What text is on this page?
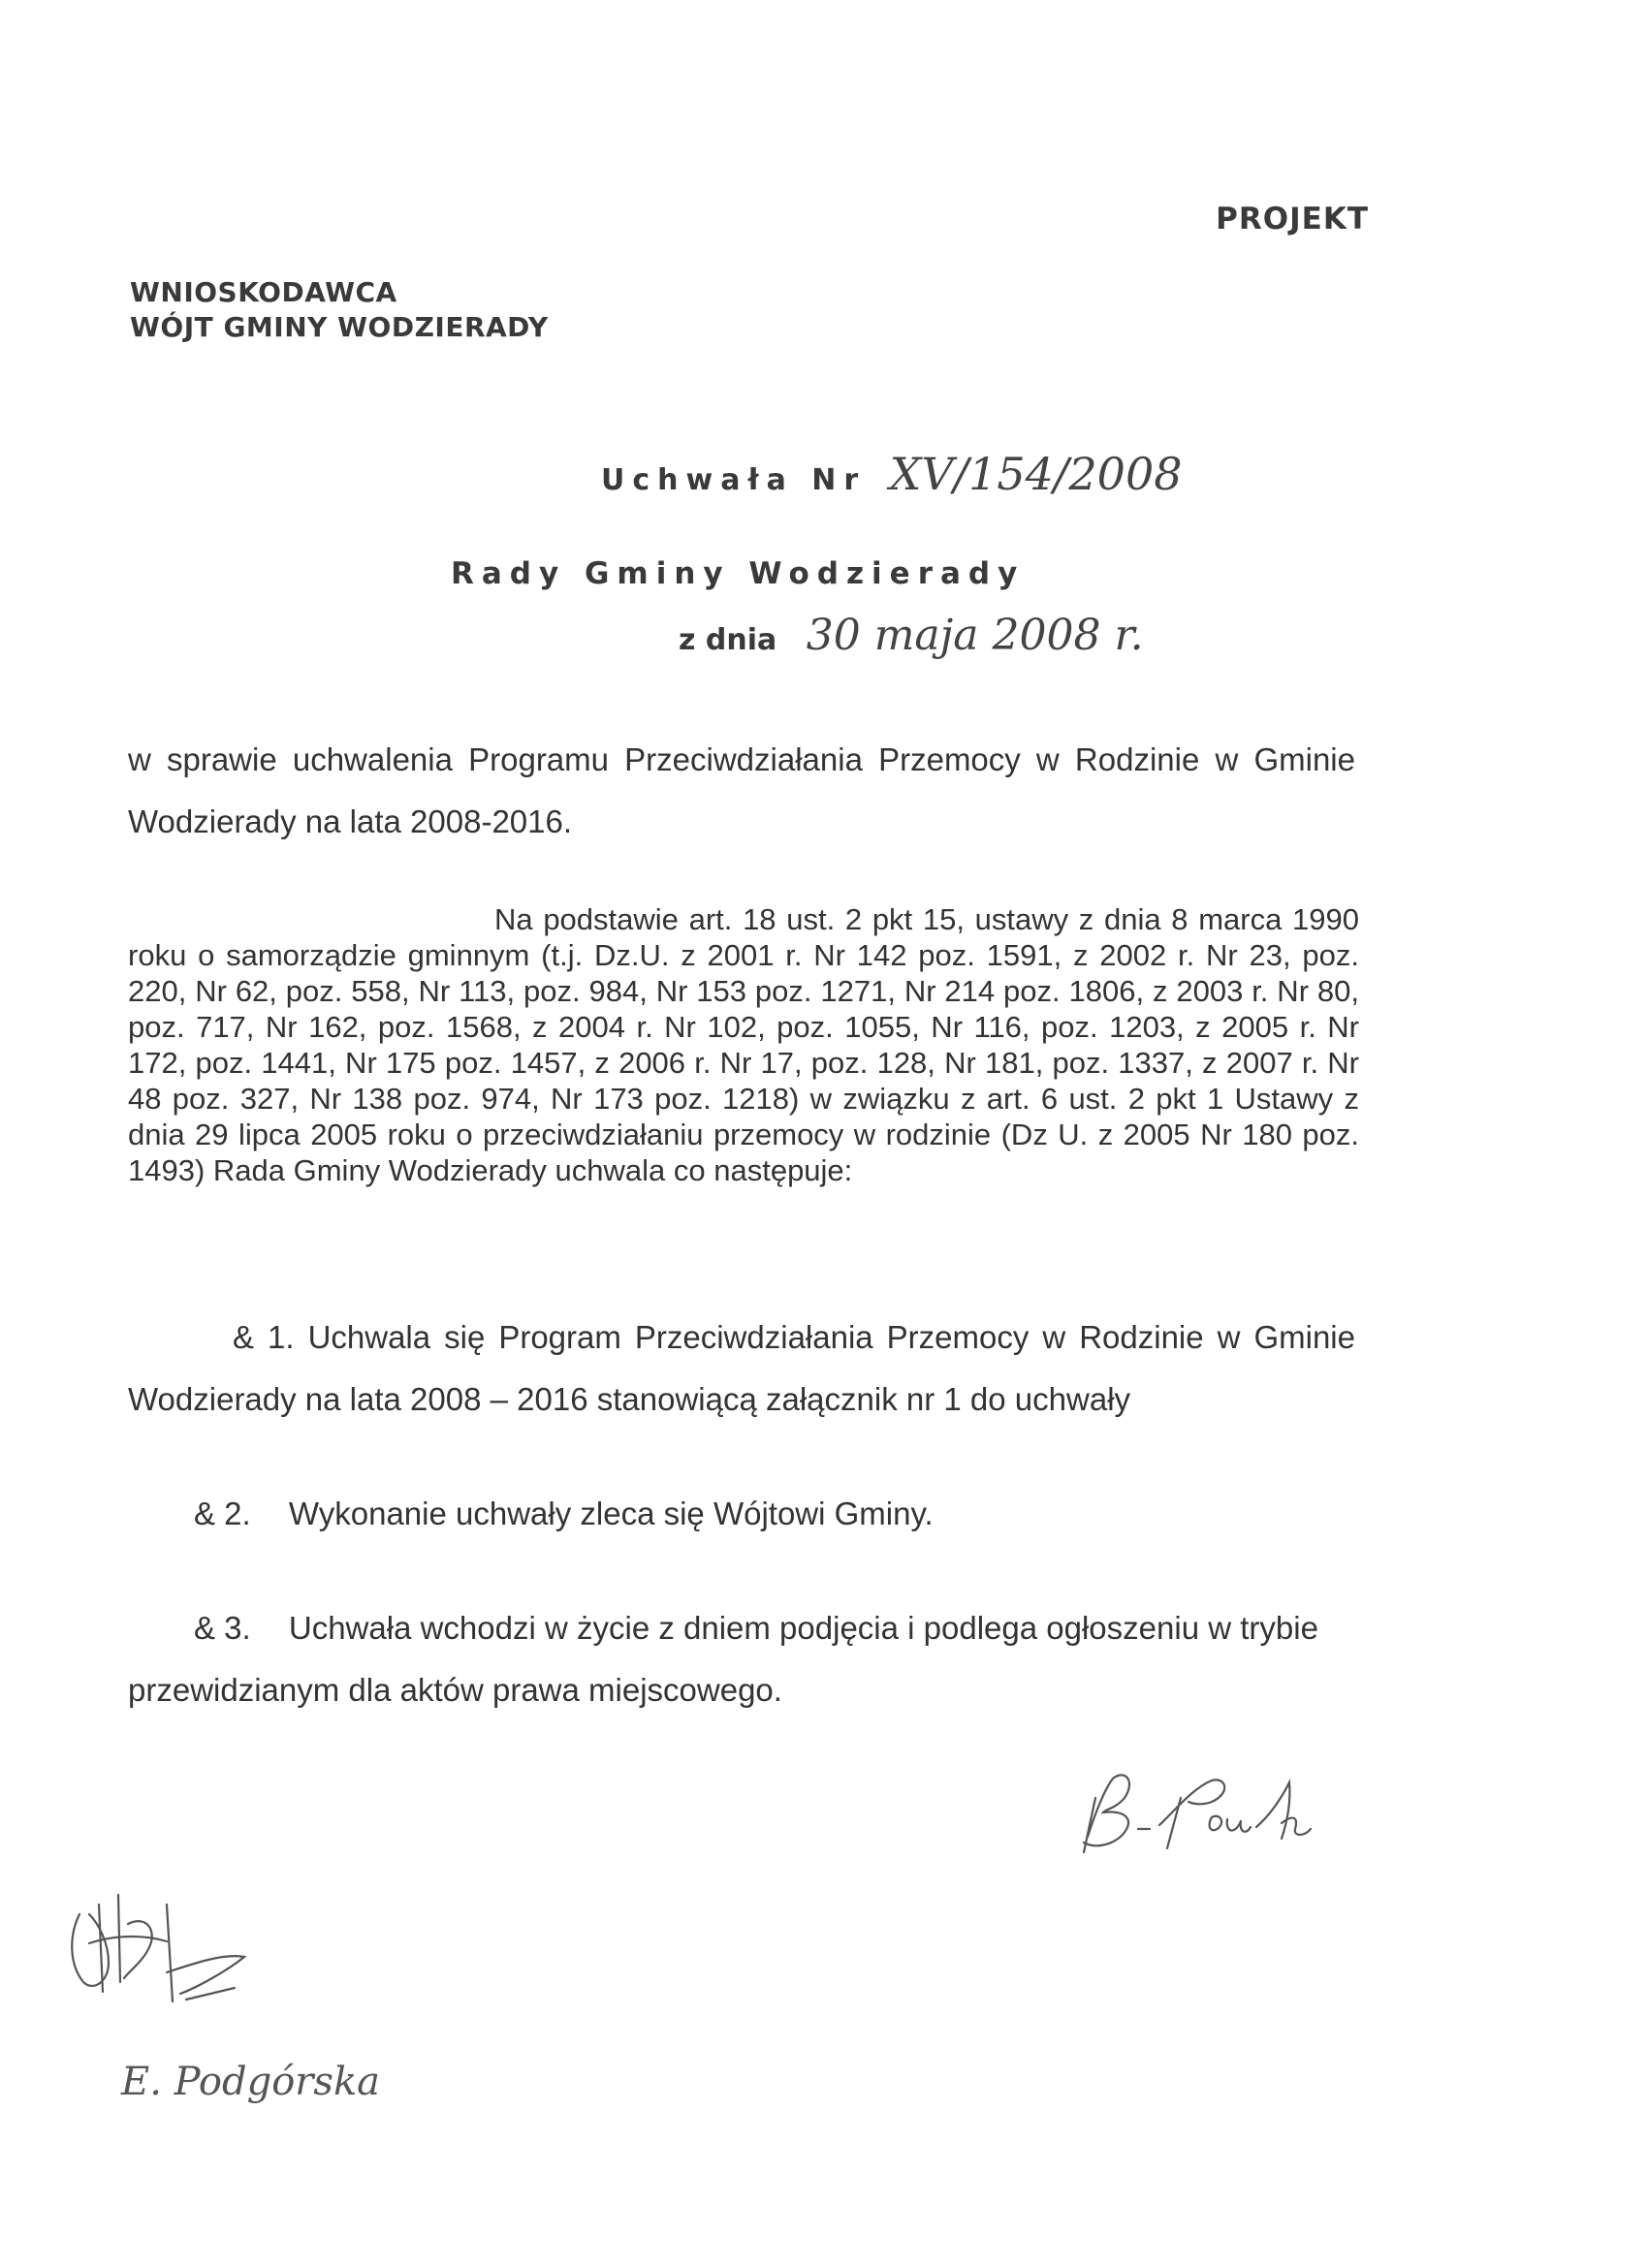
PROJEKT
WNIOSKODAWCA
WÓJT GMINY WODZIERADY
Uchwała Nr XV/154/2008
Rady Gminy Wodzierady
z dnia 30 maja 2008 r.
w sprawie uchwalenia Programu Przeciwdziałania Przemocy w Rodzinie w Gminie Wodzierady na lata 2008-2016.
Na podstawie art. 18 ust. 2 pkt 15, ustawy z dnia 8 marca 1990 roku o samorządzie gminnym (t.j. Dz.U. z 2001 r. Nr 142 poz. 1591, z 2002 r. Nr 23, poz. 220, Nr 62, poz. 558, Nr 113, poz. 984, Nr 153 poz. 1271, Nr 214 poz. 1806, z 2003 r. Nr 80, poz. 717, Nr 162, poz. 1568, z 2004 r. Nr 102, poz. 1055, Nr 116, poz. 1203, z 2005 r. Nr 172, poz. 1441, Nr 175 poz. 1457, z 2006 r. Nr 17, poz. 128, Nr 181, poz. 1337, z 2007 r. Nr 48 poz. 327, Nr 138 poz. 974, Nr 173 poz. 1218) w związku z art. 6 ust. 2 pkt 1 Ustawy z dnia 29 lipca 2005 roku o przeciwdziałaniu przemocy w rodzinie (Dz U. z 2005 Nr 180 poz. 1493) Rada Gminy Wodzierady uchwala co następuje:
& 1. Uchwala się Program Przeciwdziałania Przemocy w Rodzinie w Gminie Wodzierady na lata 2008 – 2016 stanowiącą załącznik nr 1 do uchwały
& 2. Wykonanie uchwały zleca się Wójtowi Gminy.
& 3. Uchwała wchodzi w życie z dniem podjęcia i podlega ogłoszeniu w trybie przewidzianym dla aktów prawa miejscowego.
E. Podgórska
